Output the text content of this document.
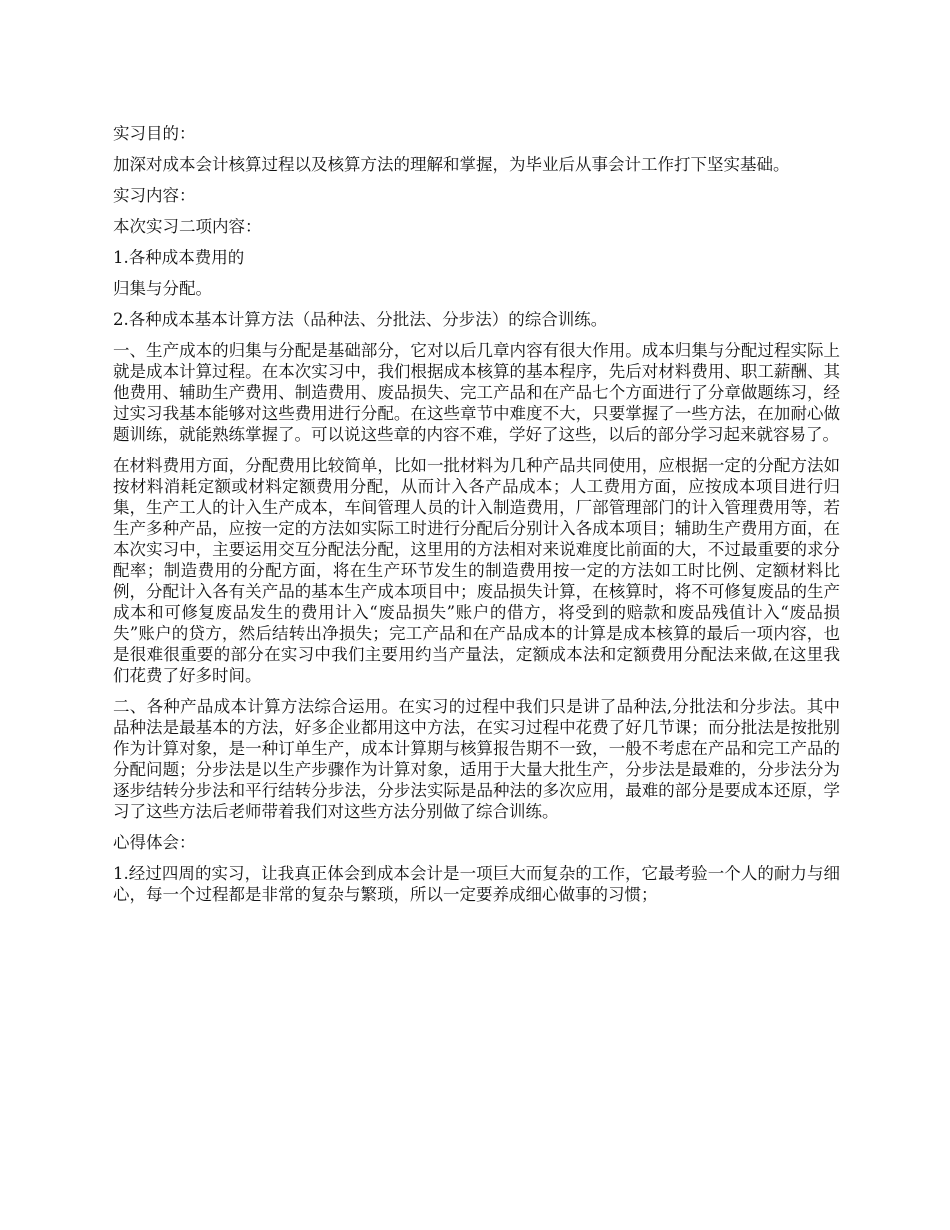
实习目的：

加深对成本会计核算过程以及核算方法的理解和掌握，为毕业后从事会计工作打下坚实基础。

实习内容：

本次实习二项内容：

1.各种成本费用的

归集与分配。

2.各种成本基本计算方法（品种法、分批法、分步法）的综合训练。

一、生产成本的归集与分配是基础部分，它对以后几章内容有很大作用。成本归集与分配过程实际上就是成本计算过程。在本次实习中，我们根据成本核算的基本程序，先后对材料费用、职工薪酬、其他费用、辅助生产费用、制造费用、废品损失、完工产品和在产品七个方面进行了分章做题练习，经过实习我基本能够对这些费用进行分配。在这些章节中难度不大，只要掌握了一些方法，在加耐心做题训练，就能熟练掌握了。可以说这些章的内容不难，学好了这些，以后的部分学习起来就容易了。

在材料费用方面，分配费用比较简单，比如一批材料为几种产品共同使用，应根据一定的分配方法如按材料消耗定额或材料定额费用分配，从而计入各产品成本；人工费用方面，应按成本项目进行归集，生产工人的计入生产成本，车间管理人员的计入制造费用，厂部管理部门的计入管理费用等，若生产多种产品，应按一定的方法如实际工时进行分配后分别计入各成本项目；辅助生产费用方面，在本次实习中，主要运用交互分配法分配，这里用的方法相对来说难度比前面的大，不过最重要的求分配率；制造费用的分配方面，将在生产环节发生的制造费用按一定的方法如工时比例、定额材料比例，分配计入各有关产品的基本生产成本项目中；废品损失计算，在核算时，将不可修复废品的生产成本和可修复废品发生的费用计入“废品损失”账户的借方，将受到的赔款和废品残值计入“废品损失”账户的贷方，然后结转出净损失；完工产品和在产品成本的计算是成本核算的最后一项内容，也是很难很重要的部分在实习中我们主要用约当产量法，定额成本法和定额费用分配法来做,在这里我们花费了好多时间。

二、各种产品成本计算方法综合运用。在实习的过程中我们只是讲了品种法,分批法和分步法。其中品种法是最基本的方法，好多企业都用这中方法，在实习过程中花费了好几节课；而分批法是按批别作为计算对象，是一种订单生产，成本计算期与核算报告期不一致，一般不考虑在产品和完工产品的分配问题；分步法是以生产步骤作为计算对象，适用于大量大批生产，分步法是最难的，分步法分为逐步结转分步法和平行结转分步法，分步法实际是品种法的多次应用，最难的部分是要成本还原，学习了这些方法后老师带着我们对这些方法分别做了综合训练。

心得体会：

1.经过四周的实习，让我真正体会到成本会计是一项巨大而复杂的工作，它最考验一个人的耐力与细心，每一个过程都是非常的复杂与繁琐，所以一定要养成细心做事的习惯；
